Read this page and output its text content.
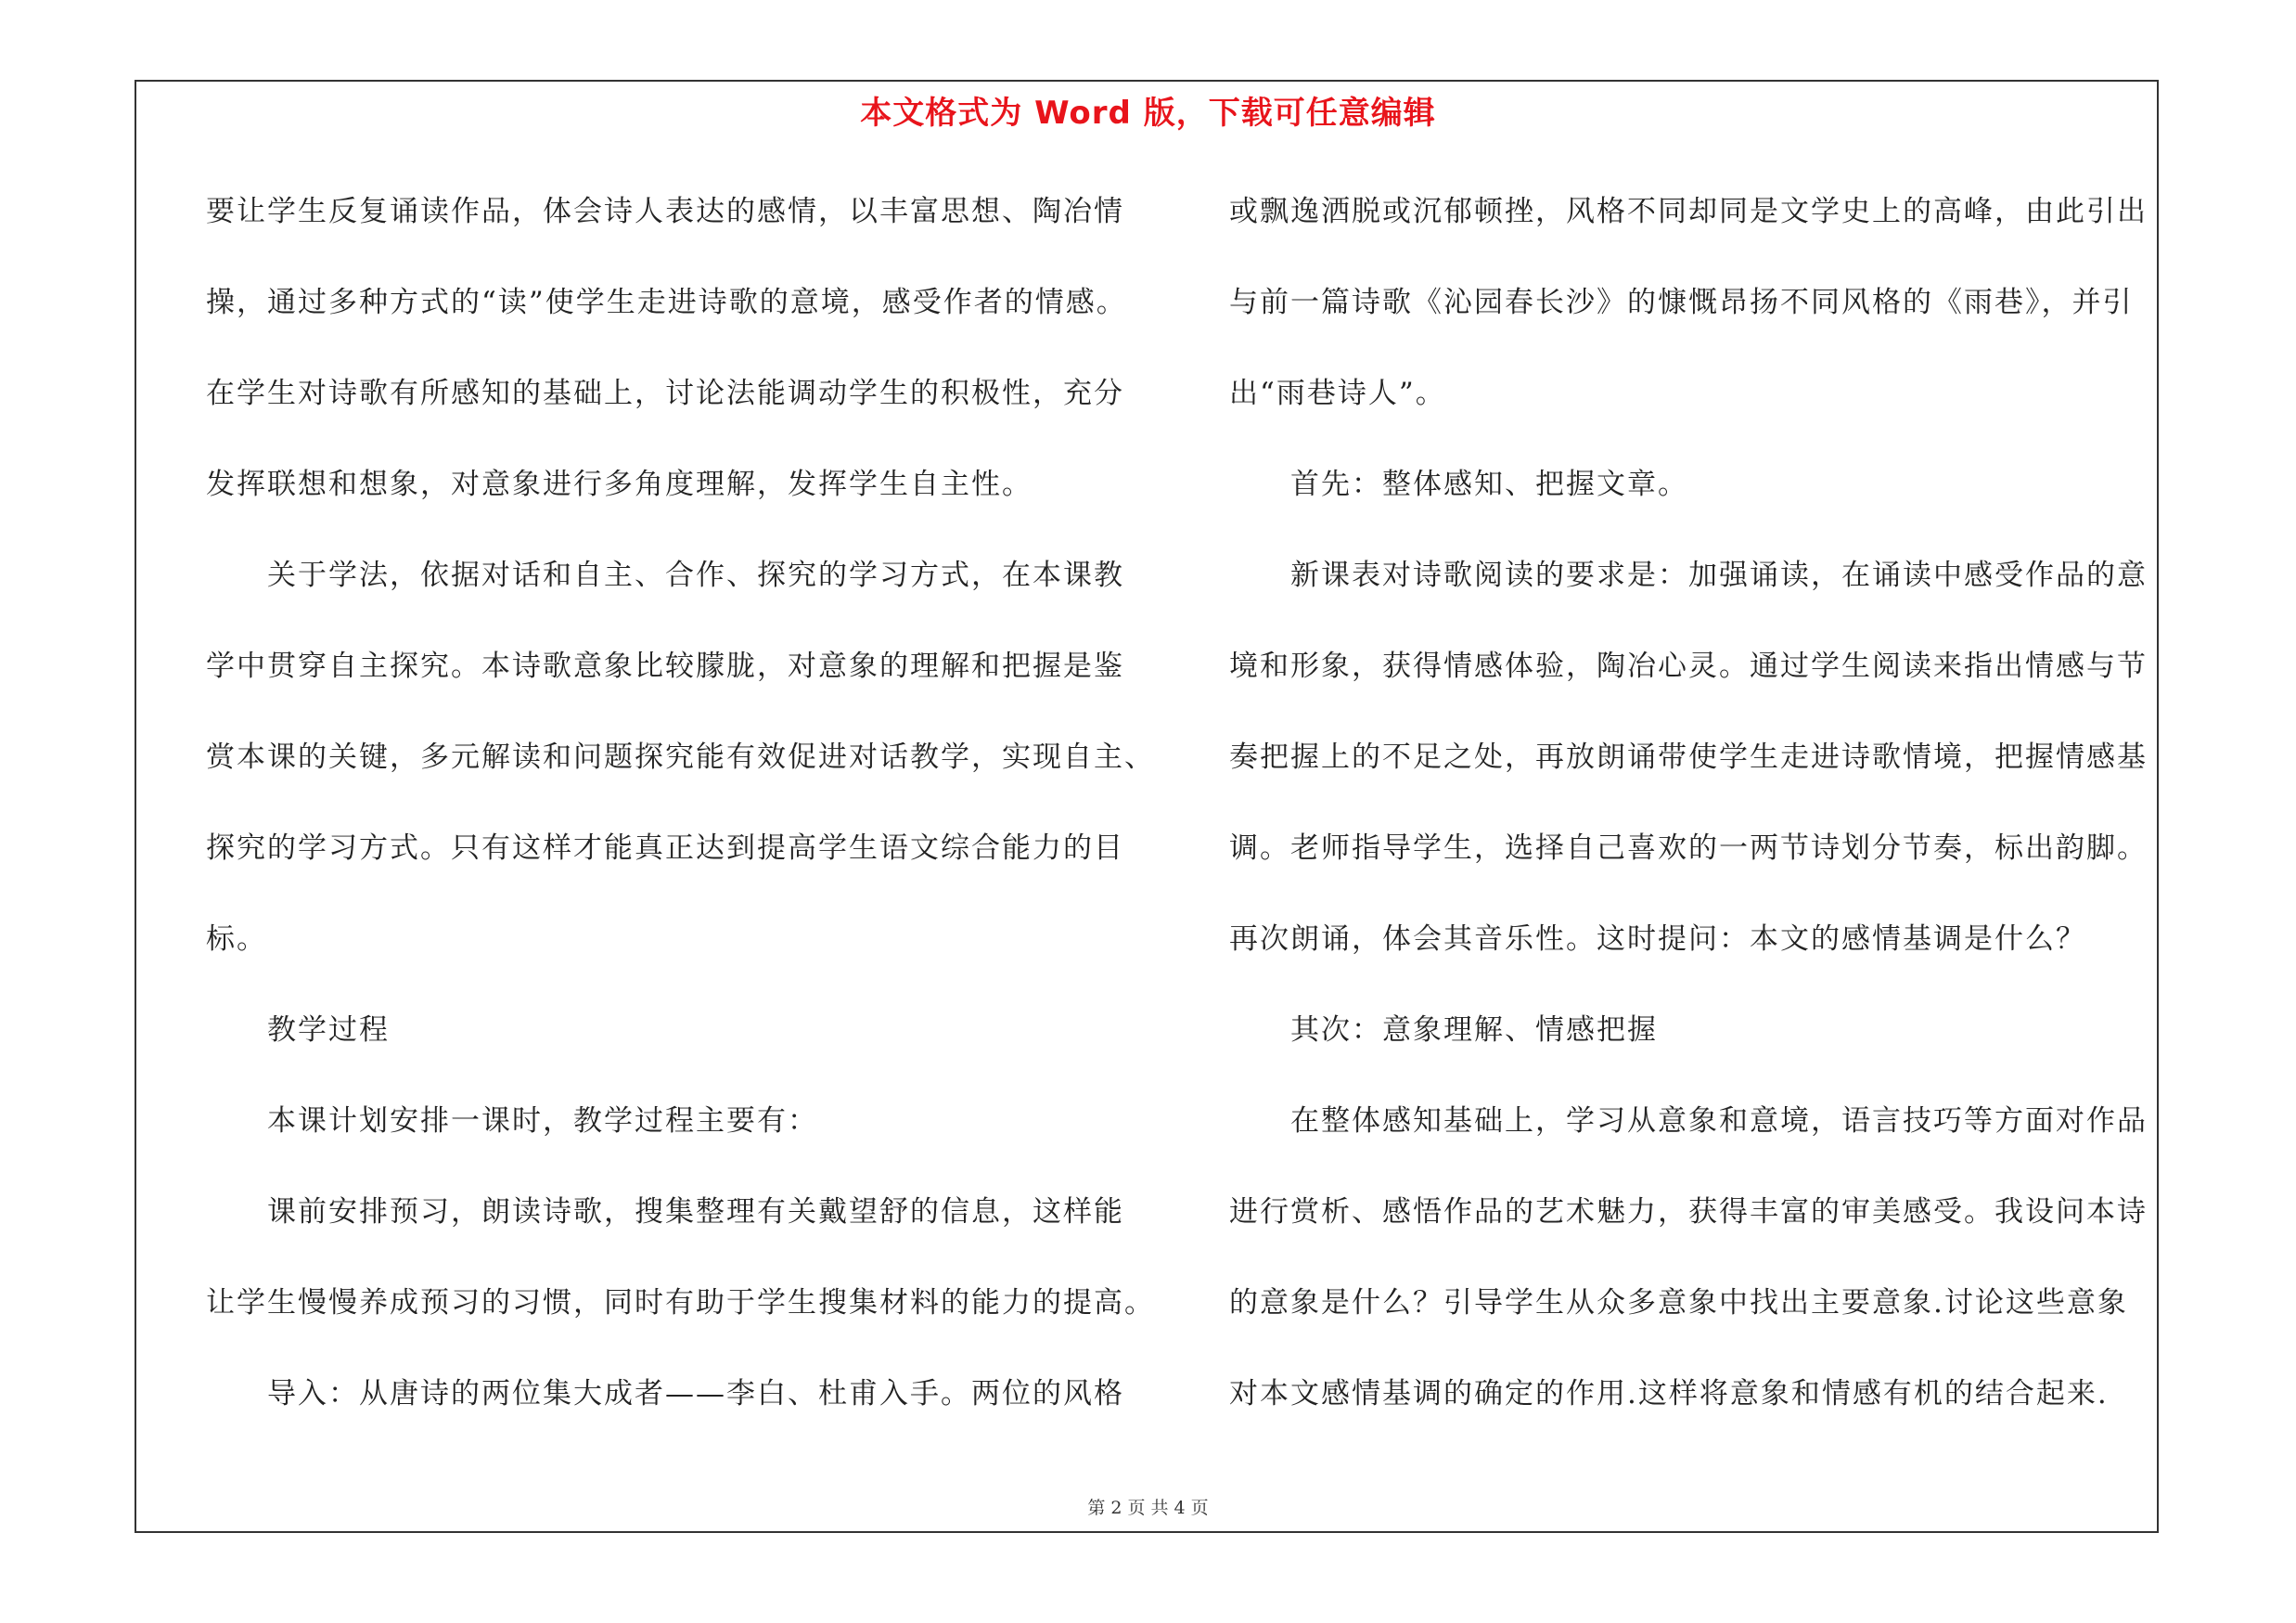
本文格式为 Word 版，下载可任意编辑
要让学生反复诵读作品，体会诗人表达的感情，以丰富思想、陶冶情
操，通过多种方式的“读”使学生走进诗歌的意境，感受作者的情感。
在学生对诗歌有所感知的基础上，讨论法能调动学生的积极性，充分
发挥联想和想象，对意象进行多角度理解，发挥学生自主性。
关于学法，依据对话和自主、合作、探究的学习方式，在本课教
学中贯穿自主探究。本诗歌意象比较朦胧，对意象的理解和把握是鉴
赏本课的关键，多元解读和问题探究能有效促进对话教学，实现自主、
探究的学习方式。只有这样才能真正达到提高学生语文综合能力的目
标。
教学过程
本课计划安排一课时，教学过程主要有：
课前安排预习，朗读诗歌，搜集整理有关戴望舒的信息，这样能
让学生慢慢养成预习的习惯，同时有助于学生搜集材料的能力的提高。
导入：从唐诗的两位集大成者——李白、杜甫入手。两位的风格
或飘逸洒脱或沉郁顿挫，风格不同却同是文学史上的高峰，由此引出
与前一篇诗歌《沁园春长沙》的慷慨昂扬不同风格的《雨巷》，并引
出“雨巷诗人”。
首先：整体感知、把握文章。
新课表对诗歌阅读的要求是：加强诵读，在诵读中感受作品的意
境和形象，获得情感体验，陶冶心灵。通过学生阅读来指出情感与节
奏把握上的不足之处，再放朗诵带使学生走进诗歌情境，把握情感基
调。老师指导学生，选择自己喜欢的一两节诗划分节奏，标出韵脚。
再次朗诵，体会其音乐性。这时提问：本文的感情基调是什么？
其次：意象理解、情感把握
在整体感知基础上，学习从意象和意境，语言技巧等方面对作品
进行赏析、感悟作品的艺术魅力，获得丰富的审美感受。我设问本诗
的意象是什么？引导学生从众多意象中找出主要意象.讨论这些意象
对本文感情基调的确定的作用.这样将意象和情感有机的结合起来.
第 2 页 共 4 页
